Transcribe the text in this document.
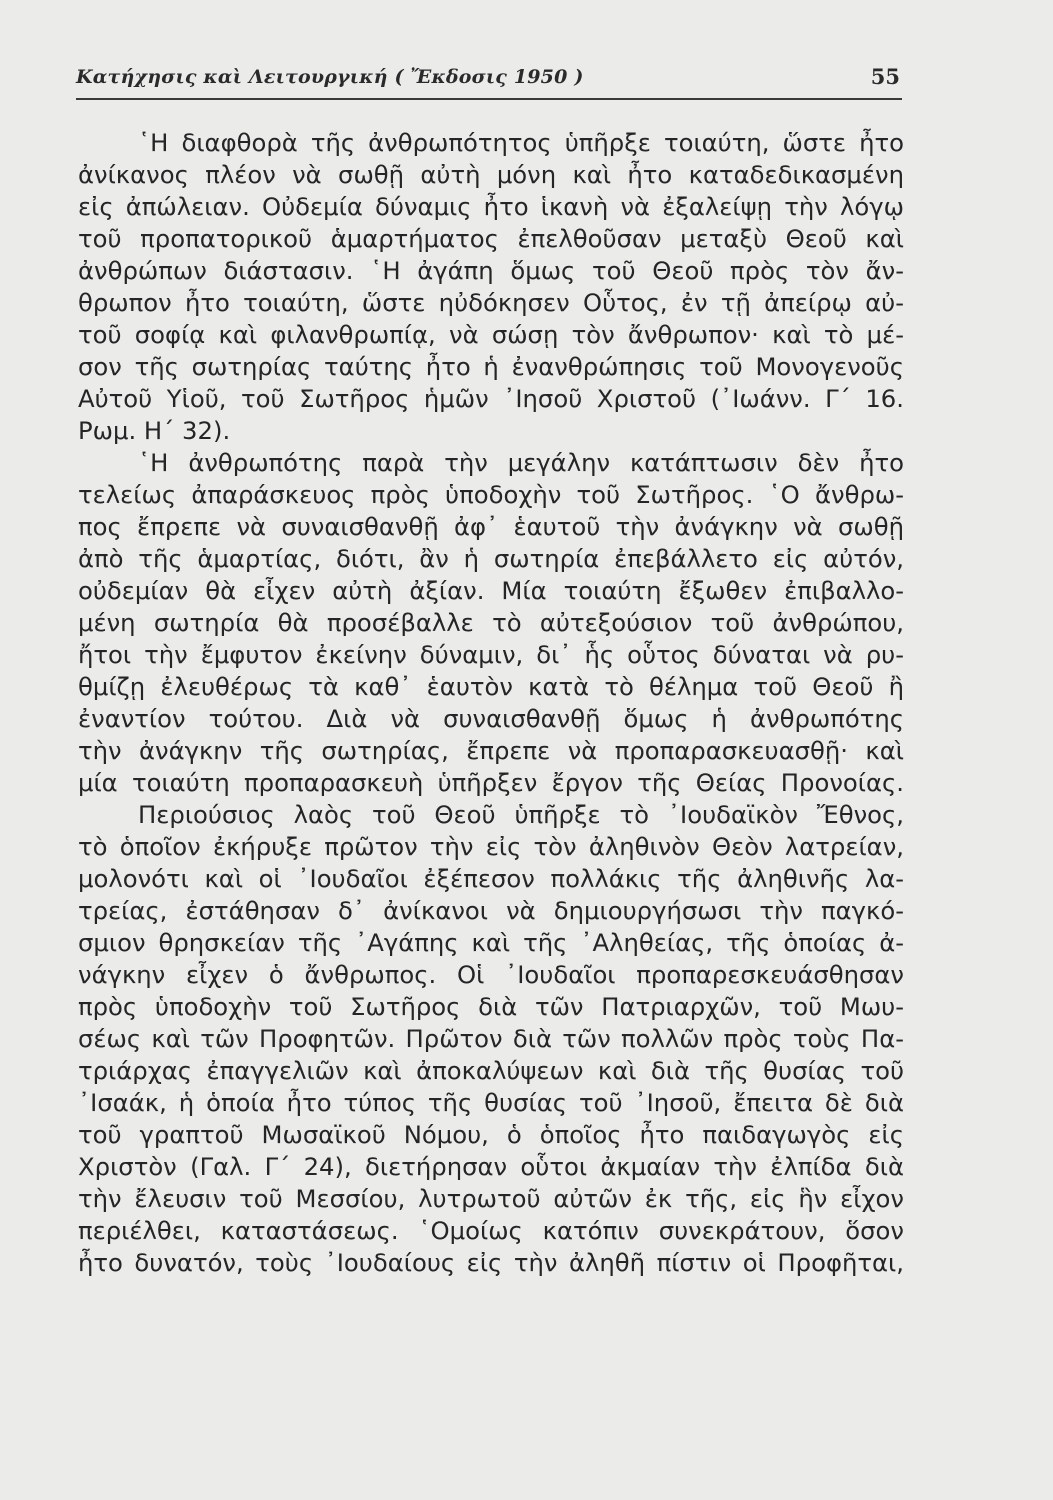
Κατήχησις καὶ Λειτουργική ( Ἔκδοσις 1950 )	55
῾Η διαφθορὰ τῆς ἀνθρωπότητος ὑπῆρξε τοιαύτη, ὥστε ἦτο
ἀνίκανος πλέον νὰ σωθῇ αὐτὴ μόνη καὶ ἦτο καταδεδικασμένη
εἰς ἀπώλειαν. Οὐδεμία δύναμις ἦτο ἱκανὴ νὰ ἐξαλείψῃ τὴν λόγῳ
τοῦ προπατορικοῦ ἁμαρτήματος ἐπελθοῦσαν μεταξὺ Θεοῦ καὶ
ἀνθρώπων διάστασιν. ῾Η ἀγάπη ὅμως τοῦ Θεοῦ πρὸς τὸν ἄν-
θρωπον ἦτο τοιαύτη, ὥστε ηὐδόκησεν Οὗτος, ἐν τῇ ἀπείρῳ αὐ-
τοῦ σοφίᾳ καὶ φιλανθρωπίᾳ, νὰ σώσῃ τὸν ἄνθρωπον· καὶ τὸ μέ-
σον τῆς σωτηρίας ταύτης ἦτο ἡ ἐνανθρώπησις τοῦ Μονογενοῦς
Αὐτοῦ Υἱοῦ, τοῦ Σωτῆρος ἡμῶν ᾿Ιησοῦ Χριστοῦ (᾿Ιωάνν. Γ΄ 16.
Ρωμ. Η΄ 32).
῾Η ἀνθρωπότης παρὰ τὴν μεγάλην κατάπτωσιν δὲν ἦτο
τελείως ἀπαράσκευος πρὸς ὑποδοχὴν τοῦ Σωτῆρος. ῾Ο ἄνθρω-
πος ἔπρεπε νὰ συναισθανθῇ ἀφ᾿ ἑαυτοῦ τὴν ἀνάγκην νὰ σωθῇ
ἀπὸ τῆς ἁμαρτίας, διότι, ἂν ἡ σωτηρία ἐπεβάλλετο εἰς αὐτόν,
οὐδεμίαν θὰ εἶχεν αὐτὴ ἀξίαν. Μία τοιαύτη ἔξωθεν ἐπιβαλλο-
μένη σωτηρία θὰ προσέβαλλε τὸ αὐτεξούσιον τοῦ ἀνθρώπου,
ἤτοι τὴν ἔμφυτον ἐκείνην δύναμιν, δι᾿ ἧς οὗτος δύναται νὰ ρυ-
θμίζῃ ἐλευθέρως τὰ καθ᾿ ἑαυτὸν κατὰ τὸ θέλημα τοῦ Θεοῦ ἢ
ἐναντίον τούτου. Διὰ νὰ συναισθανθῇ ὅμως ἡ ἀνθρωπότης
τὴν ἀνάγκην τῆς σωτηρίας, ἔπρεπε νὰ προπαρασκευασθῇ· καὶ
μία τοιαύτη προπαρασκευὴ ὑπῆρξεν ἔργον τῆς Θείας Προνοίας.
Περιούσιος λαὸς τοῦ Θεοῦ ὑπῆρξε τὸ ᾿Ιουδαϊκὸν Ἔθνος,
τὸ ὁποῖον ἐκήρυξε πρῶτον τὴν εἰς τὸν ἀληθινὸν Θεὸν λατρείαν,
μολονότι καὶ οἱ ᾿Ιουδαῖοι ἐξέπεσον πολλάκις τῆς ἀληθινῆς λα-
τρείας, ἐστάθησαν δ᾿ ἀνίκανοι νὰ δημιουργήσωσι τὴν παγκό-
σμιον θρησκείαν τῆς ᾿Αγάπης καὶ τῆς ᾿Αληθείας, τῆς ὁποίας ἀ-
νάγκην εἶχεν ὁ ἄνθρωπος. Οἱ ᾿Ιουδαῖοι προπαρεσκευάσθησαν
πρὸς ὑποδοχὴν τοῦ Σωτῆρος διὰ τῶν Πατριαρχῶν, τοῦ Μωυ-
σέως καὶ τῶν Προφητῶν. Πρῶτον διὰ τῶν πολλῶν πρὸς τοὺς Πα-
τριάρχας ἐπαγγελιῶν καὶ ἀποκαλύψεων καὶ διὰ τῆς θυσίας τοῦ
᾿Ισαάκ, ἡ ὁποία ἦτο τύπος τῆς θυσίας τοῦ ᾿Ιησοῦ, ἔπειτα δὲ διὰ
τοῦ γραπτοῦ Μωσαϊκοῦ Νόμου, ὁ ὁποῖος ἦτο παιδαγωγὸς εἰς
Χριστὸν (Γαλ. Γ΄ 24), διετήρησαν οὗτοι ἀκμαίαν τὴν ἐλπίδα διὰ
τὴν ἔλευσιν τοῦ Μεσσίου, λυτρωτοῦ αὐτῶν ἐκ τῆς, εἰς ἣν εἶχον
περιέλθει, καταστάσεως. ῾Ομοίως κατόπιν συνεκράτουν, ὅσον
ἦτο δυνατόν, τοὺς ᾿Ιουδαίους εἰς τὴν ἀληθῆ πίστιν οἱ Προφῆται,
